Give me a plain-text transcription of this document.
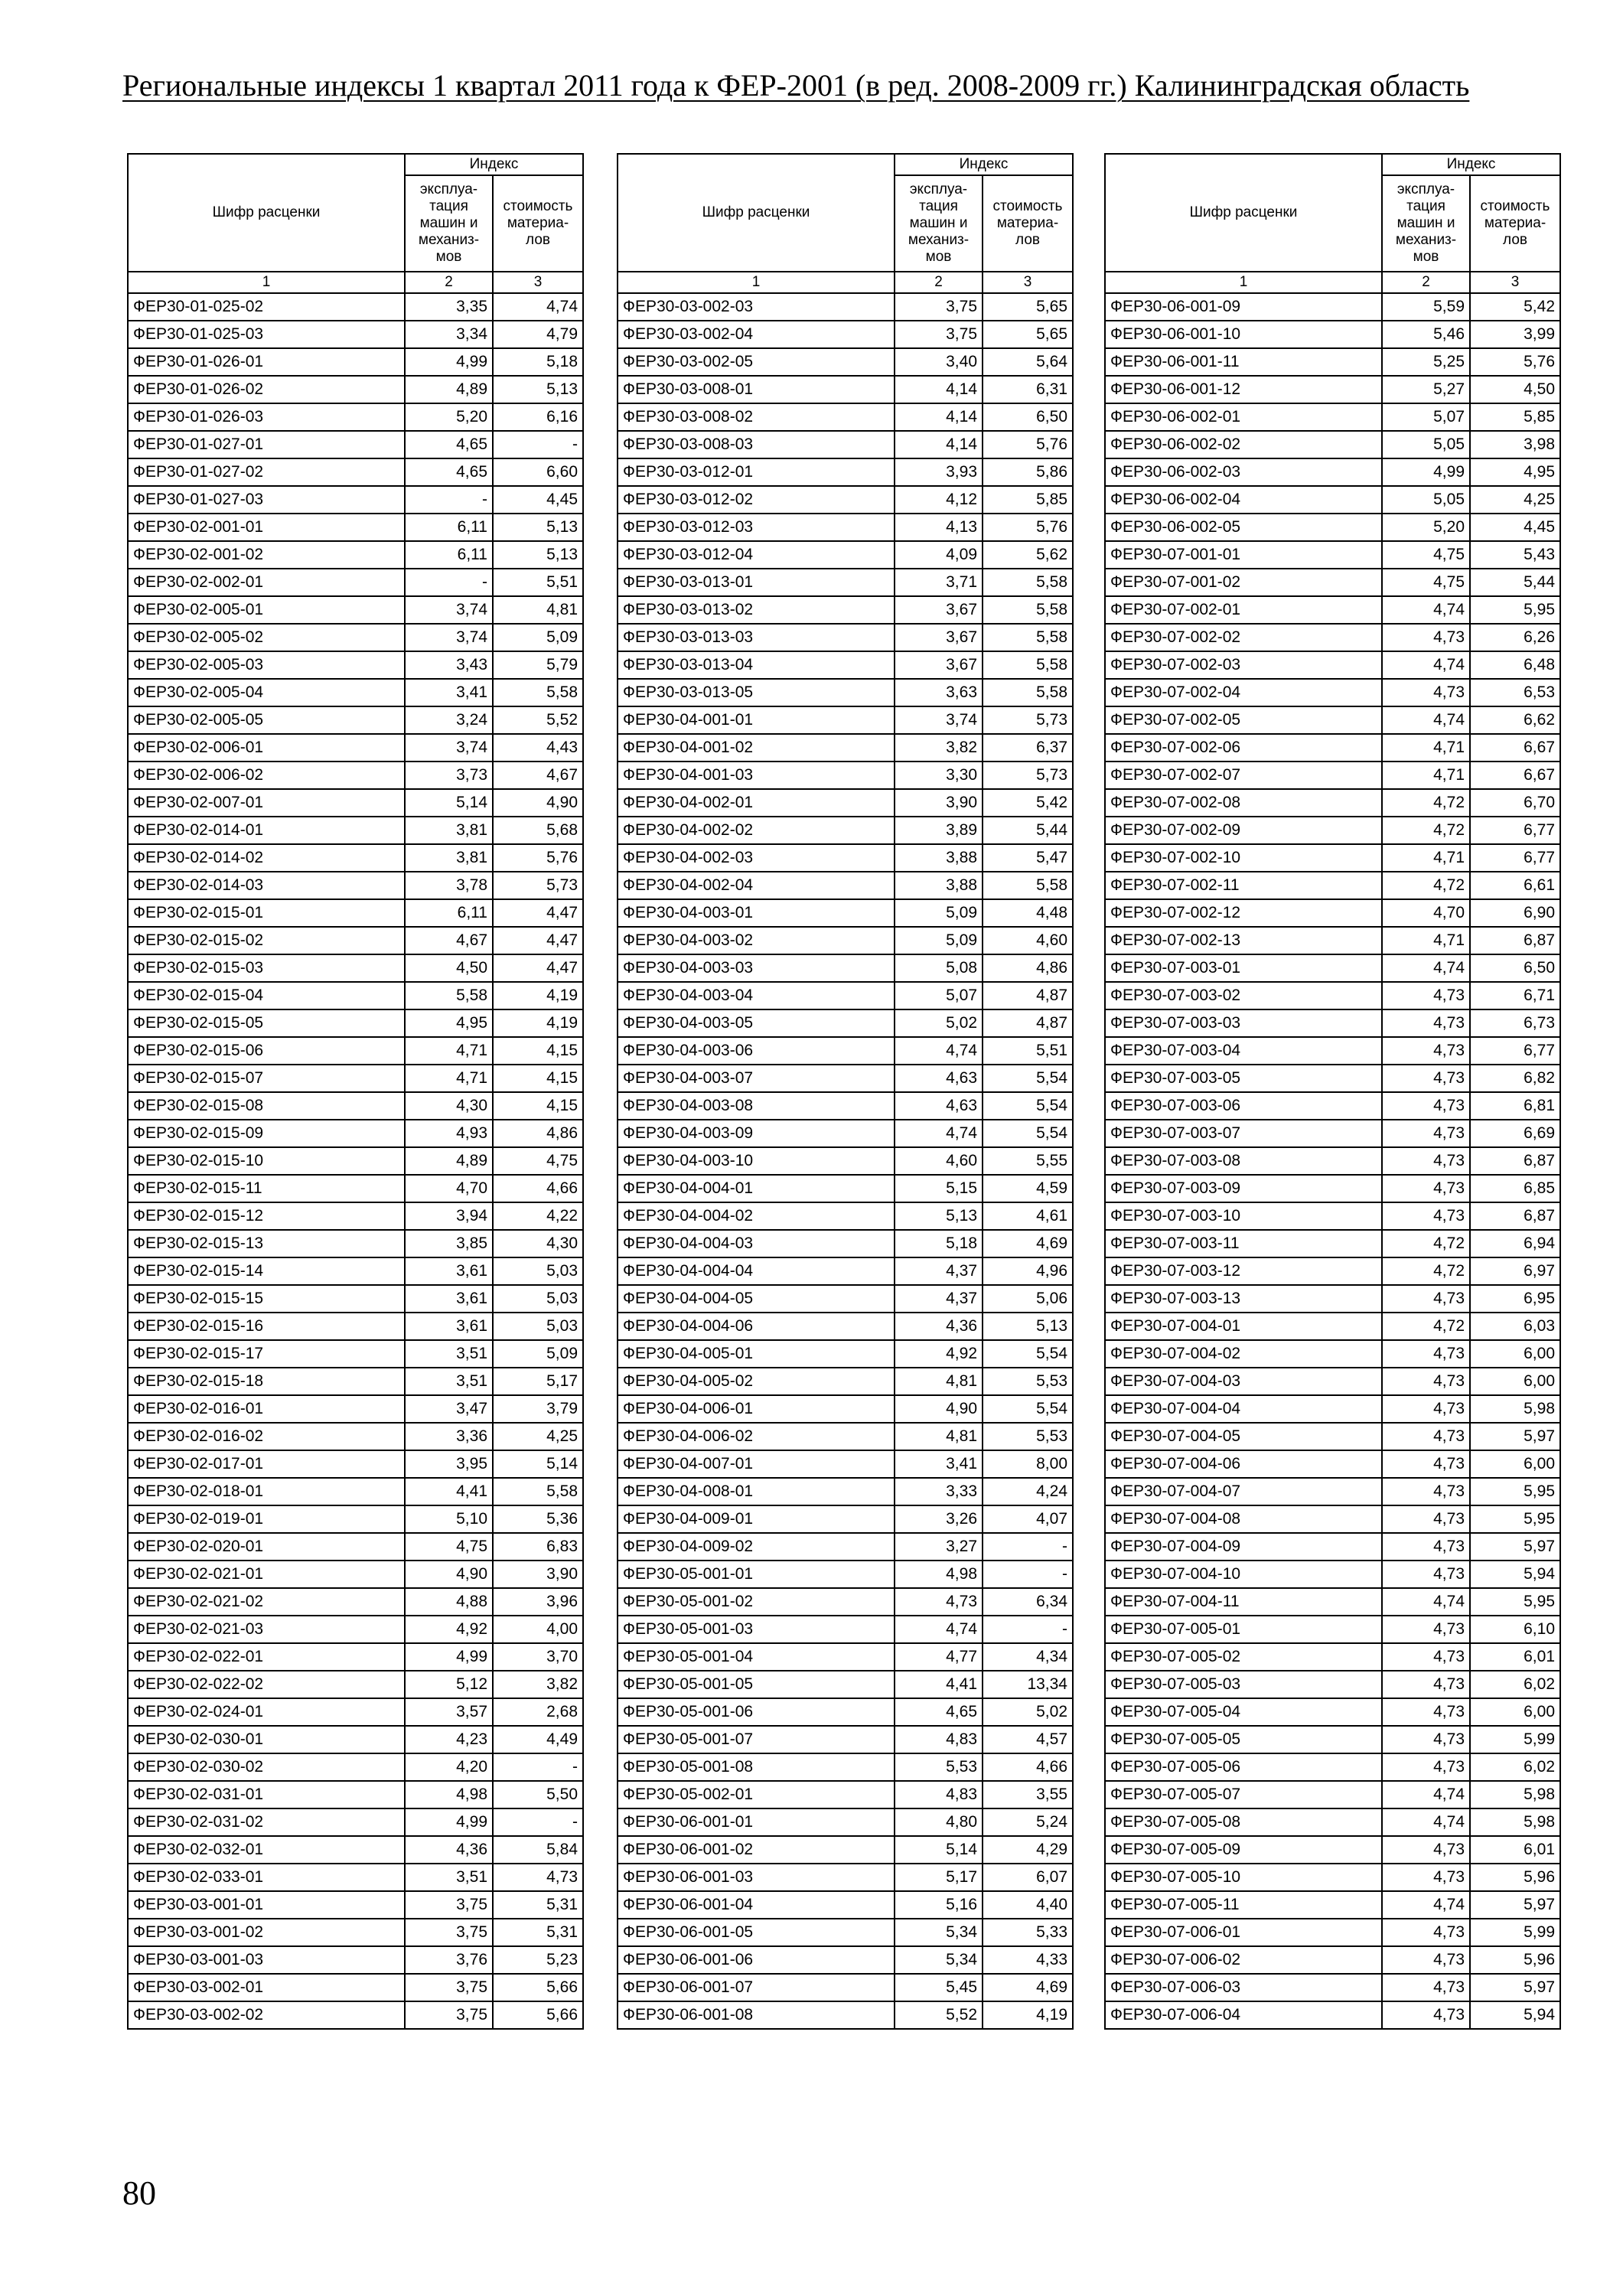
Региональные индексы 1 квартал 2011 года к ФЕР-2001 (в ред. 2008-2009 гг.) Калининградская область
Шифр расценки	Индекс	
	эксплуа-тация машин и механиз-мов	стоимость материа-лов
1	2	3
ФЕР30-01-025-02	3,35	4,74
ФЕР30-01-025-03	3,34	4,79
ФЕР30-01-026-01	4,99	5,18
ФЕР30-01-026-02	4,89	5,13
ФЕР30-01-026-03	5,20	6,16
ФЕР30-01-027-01	4,65	-
ФЕР30-01-027-02	4,65	6,60
ФЕР30-01-027-03	-	4,45
ФЕР30-02-001-01	6,11	5,13
ФЕР30-02-001-02	6,11	5,13
ФЕР30-02-002-01	-	5,51
ФЕР30-02-005-01	3,74	4,81
ФЕР30-02-005-02	3,74	5,09
ФЕР30-02-005-03	3,43	5,79
ФЕР30-02-005-04	3,41	5,58
ФЕР30-02-005-05	3,24	5,52
ФЕР30-02-006-01	3,74	4,43
ФЕР30-02-006-02	3,73	4,67
ФЕР30-02-007-01	5,14	4,90
ФЕР30-02-014-01	3,81	5,68
ФЕР30-02-014-02	3,81	5,76
ФЕР30-02-014-03	3,78	5,73
ФЕР30-02-015-01	6,11	4,47
ФЕР30-02-015-02	4,67	4,47
ФЕР30-02-015-03	4,50	4,47
ФЕР30-02-015-04	5,58	4,19
ФЕР30-02-015-05	4,95	4,19
ФЕР30-02-015-06	4,71	4,15
ФЕР30-02-015-07	4,71	4,15
ФЕР30-02-015-08	4,30	4,15
ФЕР30-02-015-09	4,93	4,86
ФЕР30-02-015-10	4,89	4,75
ФЕР30-02-015-11	4,70	4,66
ФЕР30-02-015-12	3,94	4,22
ФЕР30-02-015-13	3,85	4,30
ФЕР30-02-015-14	3,61	5,03
ФЕР30-02-015-15	3,61	5,03
ФЕР30-02-015-16	3,61	5,03
ФЕР30-02-015-17	3,51	5,09
ФЕР30-02-015-18	3,51	5,17
ФЕР30-02-016-01	3,47	3,79
ФЕР30-02-016-02	3,36	4,25
ФЕР30-02-017-01	3,95	5,14
ФЕР30-02-018-01	4,41	5,58
ФЕР30-02-019-01	5,10	5,36
ФЕР30-02-020-01	4,75	6,83
ФЕР30-02-021-01	4,90	3,90
ФЕР30-02-021-02	4,88	3,96
ФЕР30-02-021-03	4,92	4,00
ФЕР30-02-022-01	4,99	3,70
ФЕР30-02-022-02	5,12	3,82
ФЕР30-02-024-01	3,57	2,68
ФЕР30-02-030-01	4,23	4,49
ФЕР30-02-030-02	4,20	-
ФЕР30-02-031-01	4,98	5,50
ФЕР30-02-031-02	4,99	-
ФЕР30-02-032-01	4,36	5,84
ФЕР30-02-033-01	3,51	4,73
ФЕР30-03-001-01	3,75	5,31
ФЕР30-03-001-02	3,75	5,31
ФЕР30-03-001-03	3,76	5,23
ФЕР30-03-002-01	3,75	5,66
ФЕР30-03-002-02	3,75	5,66
Шифр расценки	Индекс	
	эксплуа-тация машин и механиз-мов	стоимость материа-лов
1	2	3
ФЕР30-03-002-03	3,75	5,65
ФЕР30-03-002-04	3,75	5,65
ФЕР30-03-002-05	3,40	5,64
ФЕР30-03-008-01	4,14	6,31
ФЕР30-03-008-02	4,14	6,50
ФЕР30-03-008-03	4,14	5,76
ФЕР30-03-012-01	3,93	5,86
ФЕР30-03-012-02	4,12	5,85
ФЕР30-03-012-03	4,13	5,76
ФЕР30-03-012-04	4,09	5,62
ФЕР30-03-013-01	3,71	5,58
ФЕР30-03-013-02	3,67	5,58
ФЕР30-03-013-03	3,67	5,58
ФЕР30-03-013-04	3,67	5,58
ФЕР30-03-013-05	3,63	5,58
ФЕР30-04-001-01	3,74	5,73
ФЕР30-04-001-02	3,82	6,37
ФЕР30-04-001-03	3,30	5,73
ФЕР30-04-002-01	3,90	5,42
ФЕР30-04-002-02	3,89	5,44
ФЕР30-04-002-03	3,88	5,47
ФЕР30-04-002-04	3,88	5,58
ФЕР30-04-003-01	5,09	4,48
ФЕР30-04-003-02	5,09	4,60
ФЕР30-04-003-03	5,08	4,86
ФЕР30-04-003-04	5,07	4,87
ФЕР30-04-003-05	5,02	4,87
ФЕР30-04-003-06	4,74	5,51
ФЕР30-04-003-07	4,63	5,54
ФЕР30-04-003-08	4,63	5,54
ФЕР30-04-003-09	4,74	5,54
ФЕР30-04-003-10	4,60	5,55
ФЕР30-04-004-01	5,15	4,59
ФЕР30-04-004-02	5,13	4,61
ФЕР30-04-004-03	5,18	4,69
ФЕР30-04-004-04	4,37	4,96
ФЕР30-04-004-05	4,37	5,06
ФЕР30-04-004-06	4,36	5,13
ФЕР30-04-005-01	4,92	5,54
ФЕР30-04-005-02	4,81	5,53
ФЕР30-04-006-01	4,90	5,54
ФЕР30-04-006-02	4,81	5,53
ФЕР30-04-007-01	3,41	8,00
ФЕР30-04-008-01	3,33	4,24
ФЕР30-04-009-01	3,26	4,07
ФЕР30-04-009-02	3,27	-
ФЕР30-05-001-01	4,98	-
ФЕР30-05-001-02	4,73	6,34
ФЕР30-05-001-03	4,74	-
ФЕР30-05-001-04	4,77	4,34
ФЕР30-05-001-05	4,41	13,34
ФЕР30-05-001-06	4,65	5,02
ФЕР30-05-001-07	4,83	4,57
ФЕР30-05-001-08	5,53	4,66
ФЕР30-05-002-01	4,83	3,55
ФЕР30-06-001-01	4,80	5,24
ФЕР30-06-001-02	5,14	4,29
ФЕР30-06-001-03	5,17	6,07
ФЕР30-06-001-04	5,16	4,40
ФЕР30-06-001-05	5,34	5,33
ФЕР30-06-001-06	5,34	4,33
ФЕР30-06-001-07	5,45	4,69
ФЕР30-06-001-08	5,52	4,19
Шифр расценки	Индекс	
	эксплуа-тация машин и механиз-мов	стоимость материа-лов
1	2	3
ФЕР30-06-001-09	5,59	5,42
ФЕР30-06-001-10	5,46	3,99
ФЕР30-06-001-11	5,25	5,76
ФЕР30-06-001-12	5,27	4,50
ФЕР30-06-002-01	5,07	5,85
ФЕР30-06-002-02	5,05	3,98
ФЕР30-06-002-03	4,99	4,95
ФЕР30-06-002-04	5,05	4,25
ФЕР30-06-002-05	5,20	4,45
ФЕР30-07-001-01	4,75	5,43
ФЕР30-07-001-02	4,75	5,44
ФЕР30-07-002-01	4,74	5,95
ФЕР30-07-002-02	4,73	6,26
ФЕР30-07-002-03	4,74	6,48
ФЕР30-07-002-04	4,73	6,53
ФЕР30-07-002-05	4,74	6,62
ФЕР30-07-002-06	4,71	6,67
ФЕР30-07-002-07	4,71	6,67
ФЕР30-07-002-08	4,72	6,70
ФЕР30-07-002-09	4,72	6,77
ФЕР30-07-002-10	4,71	6,77
ФЕР30-07-002-11	4,72	6,61
ФЕР30-07-002-12	4,70	6,90
ФЕР30-07-002-13	4,71	6,87
ФЕР30-07-003-01	4,74	6,50
ФЕР30-07-003-02	4,73	6,71
ФЕР30-07-003-03	4,73	6,73
ФЕР30-07-003-04	4,73	6,77
ФЕР30-07-003-05	4,73	6,82
ФЕР30-07-003-06	4,73	6,81
ФЕР30-07-003-07	4,73	6,69
ФЕР30-07-003-08	4,73	6,87
ФЕР30-07-003-09	4,73	6,85
ФЕР30-07-003-10	4,73	6,87
ФЕР30-07-003-11	4,72	6,94
ФЕР30-07-003-12	4,72	6,97
ФЕР30-07-003-13	4,73	6,95
ФЕР30-07-004-01	4,72	6,03
ФЕР30-07-004-02	4,73	6,00
ФЕР30-07-004-03	4,73	6,00
ФЕР30-07-004-04	4,73	5,98
ФЕР30-07-004-05	4,73	5,97
ФЕР30-07-004-06	4,73	6,00
ФЕР30-07-004-07	4,73	5,95
ФЕР30-07-004-08	4,73	5,95
ФЕР30-07-004-09	4,73	5,97
ФЕР30-07-004-10	4,73	5,94
ФЕР30-07-004-11	4,74	5,95
ФЕР30-07-005-01	4,73	6,10
ФЕР30-07-005-02	4,73	6,01
ФЕР30-07-005-03	4,73	6,02
ФЕР30-07-005-04	4,73	6,00
ФЕР30-07-005-05	4,73	5,99
ФЕР30-07-005-06	4,73	6,02
ФЕР30-07-005-07	4,74	5,98
ФЕР30-07-005-08	4,74	5,98
ФЕР30-07-005-09	4,73	6,01
ФЕР30-07-005-10	4,73	5,96
ФЕР30-07-005-11	4,74	5,97
ФЕР30-07-006-01	4,73	5,99
ФЕР30-07-006-02	4,73	5,96
ФЕР30-07-006-03	4,73	5,97
ФЕР30-07-006-04	4,73	5,94
80
